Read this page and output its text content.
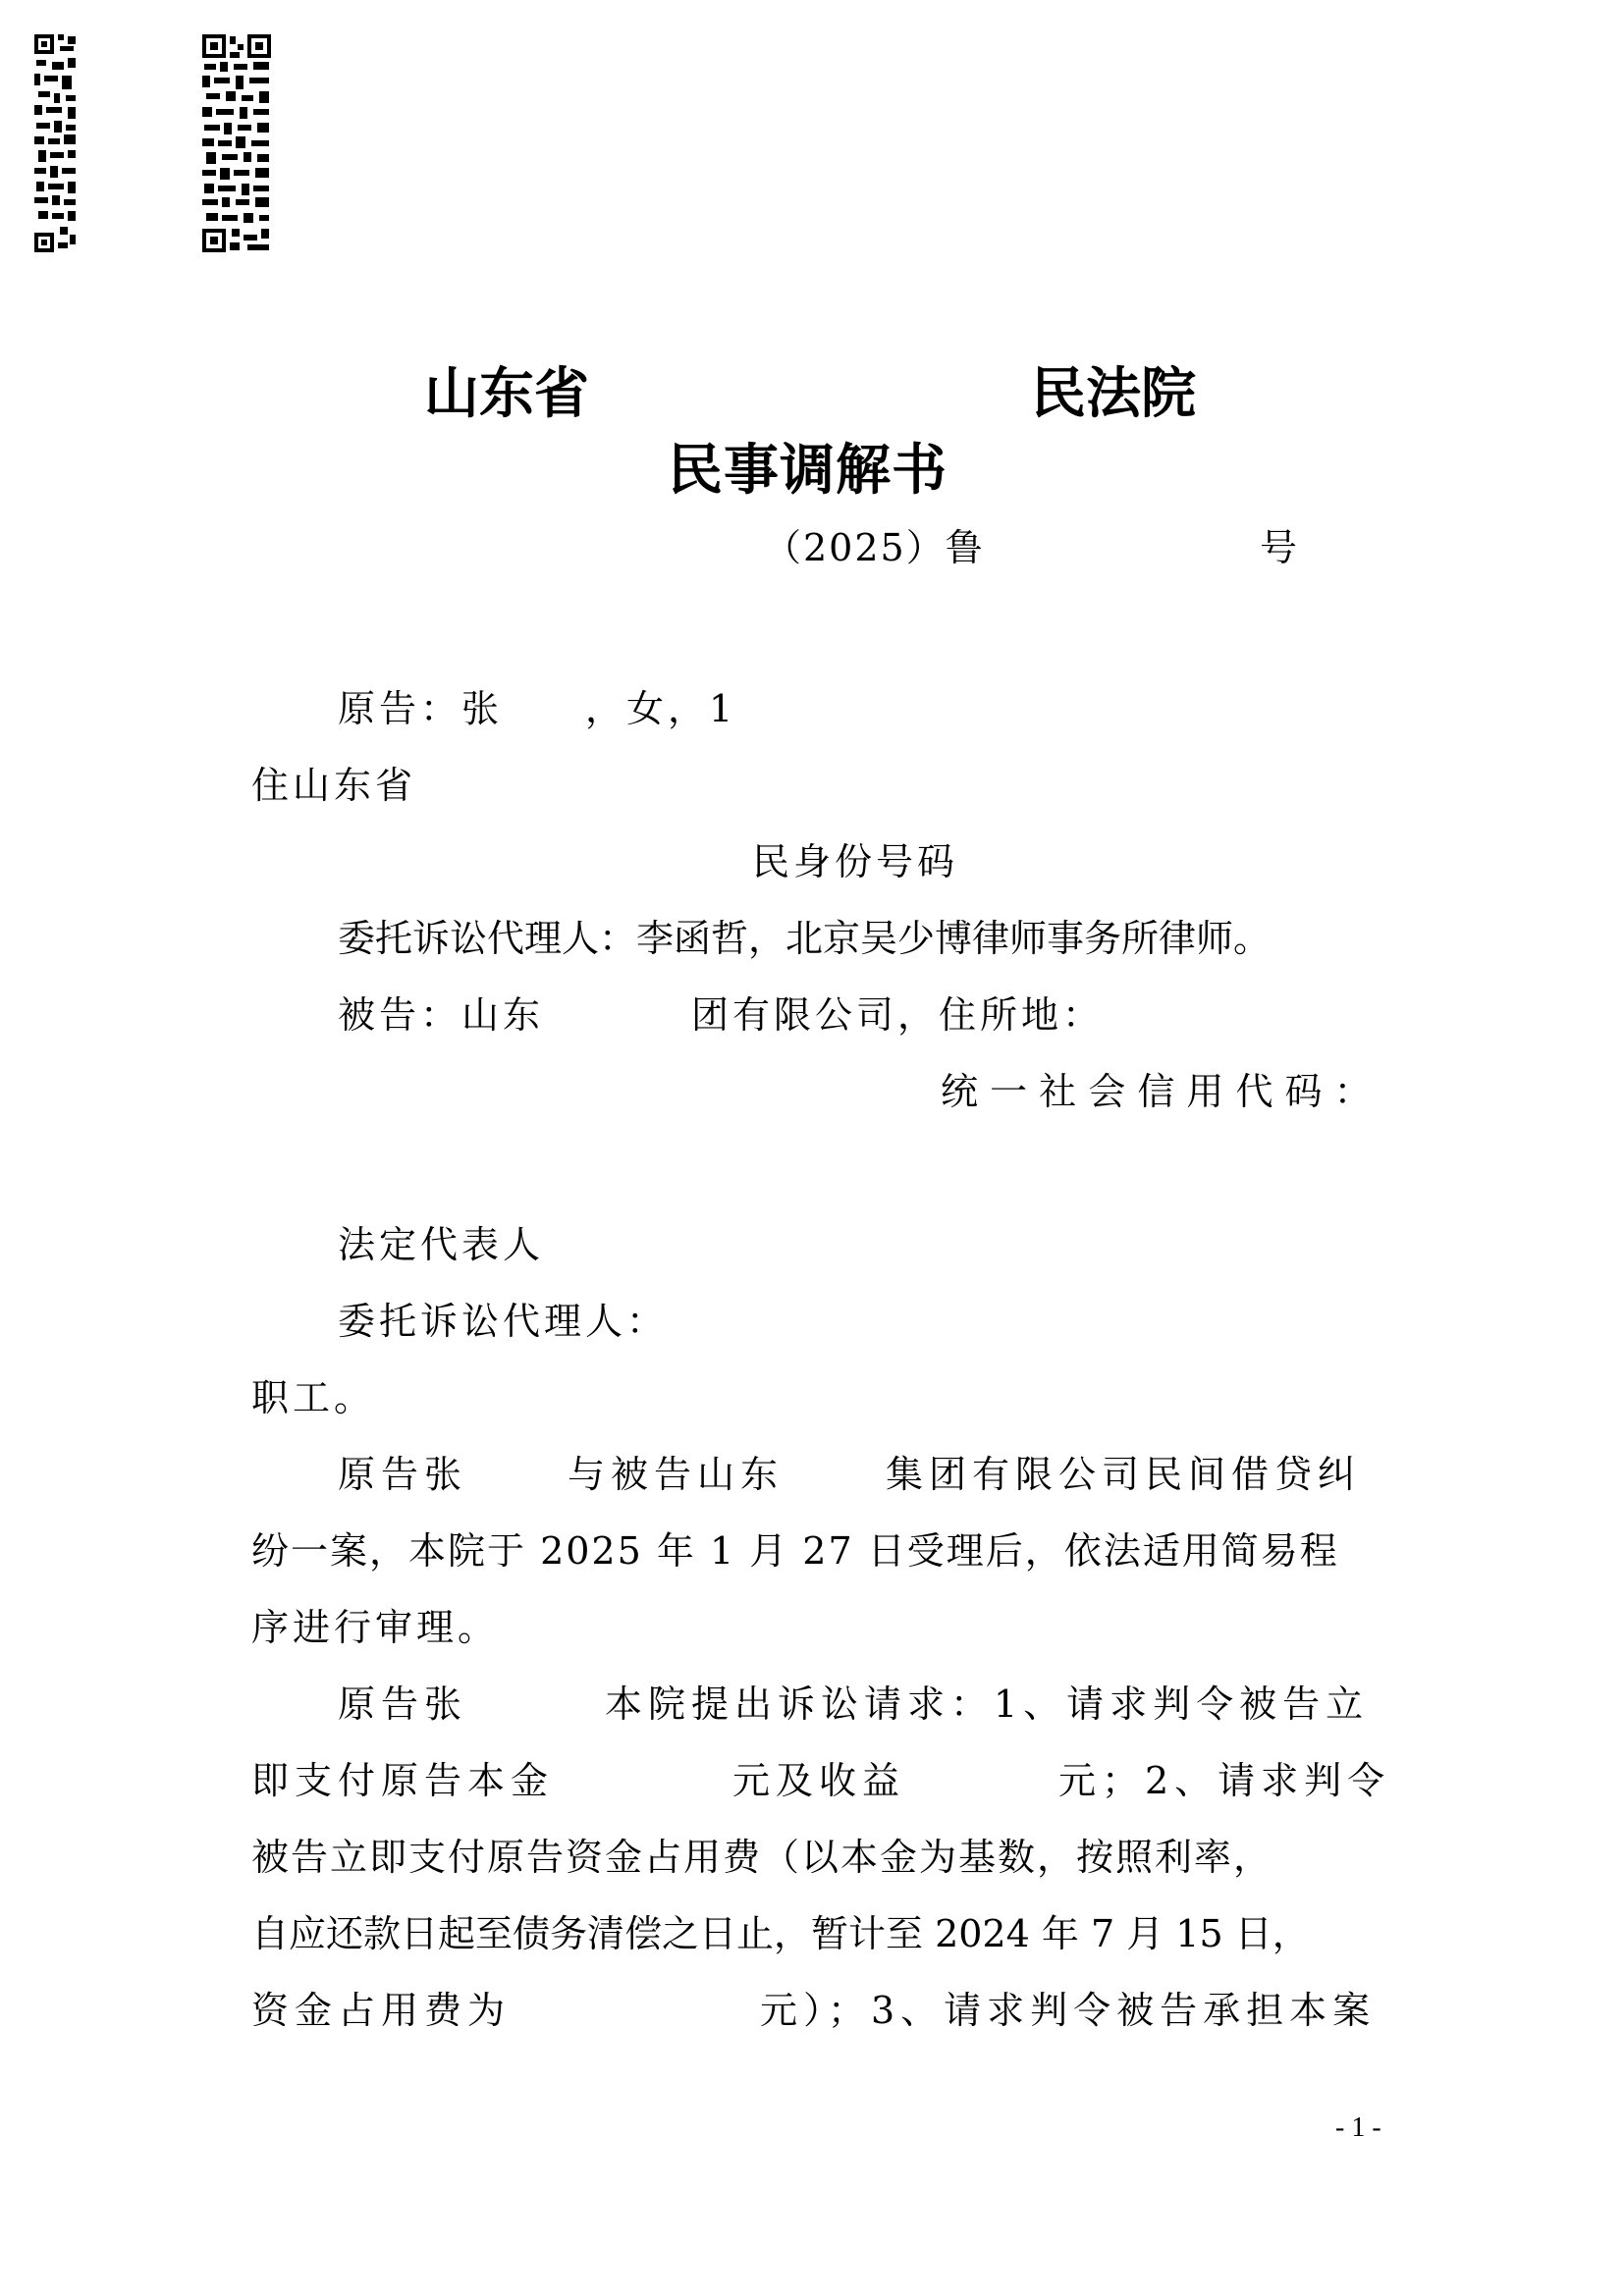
山东省	民法院
民事调解书
（2025）鲁	号
原告：张　　，女，1
住山东省
民身份号码
委托诉讼代理人：李函哲，北京吴少博律师事务所律师。
被告：山东	团有限公司，住所地：
统 一 社 会 信 用 代 码 ：
法定代表人
委托诉讼代理人：
职工。
原告张	与被告山东	集团有限公司民间借贷纠
纷一案，本院于 2025 年 1 月 27 日受理后，依法适用简易程
序进行审理。
原告张	本院提出诉讼请求：1、请求判令被告立
即支付原告本金	元及收益	元；2、请求判令
被告立即支付原告资金占用费（以本金为基数，按照利率，
自应还款日起至债务清偿之日止，暂计至 2024 年 7 月 15 日，
资金占用费为	元）；3、请求判令被告承担本案
- 1 -
